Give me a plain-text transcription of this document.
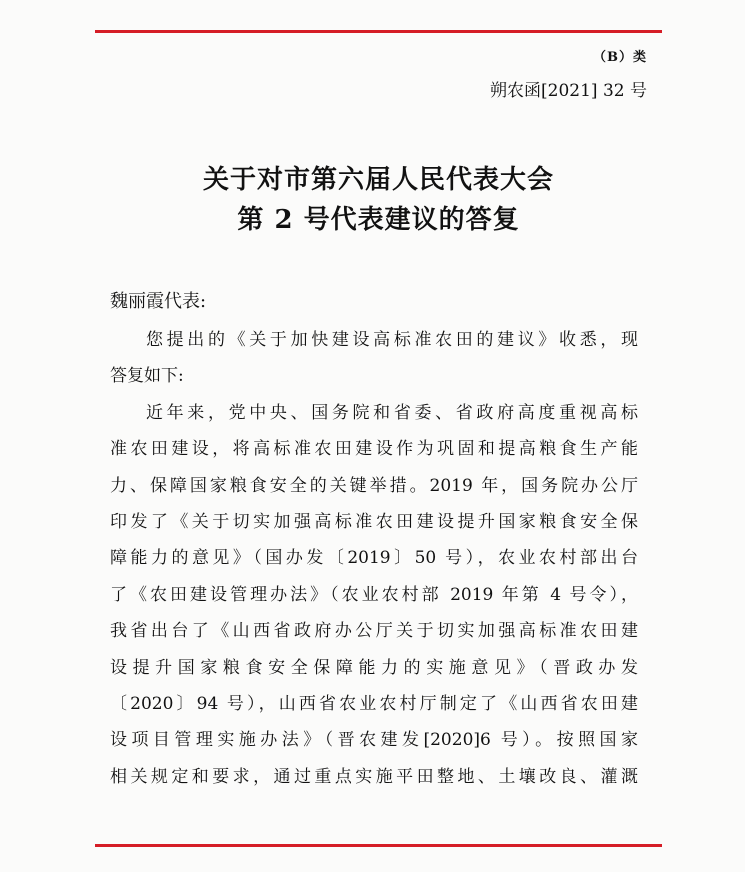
（B）类
朔农函[2021] 32 号
关于对市第六届人民代表大会
第 2 号代表建议的答复
魏丽霞代表:
您提出的《关于加快建设高标准农田的建议》收悉，现
答复如下:
近年来，党中央、国务院和省委、省政府高度重视高标
准农田建设，将高标准农田建设作为巩固和提高粮食生产能
力、保障国家粮食安全的关键举措。2019 年，国务院办公厅
印发了《关于切实加强高标准农田建设提升国家粮食安全保
障能力的意见》（国办发〔2019〕50 号），农业农村部出台
了《农田建设管理办法》（农业农村部 2019 年第 4 号令），
我省出台了《山西省政府办公厅关于切实加强高标准农田建
设提升国家粮食安全保障能力的实施意见》（晋政办发
〔2020〕94 号），山西省农业农村厅制定了《山西省农田建
设项目管理实施办法》（晋农建发[2020]6 号）。按照国家
相关规定和要求，通过重点实施平田整地、土壤改良、灌溉
